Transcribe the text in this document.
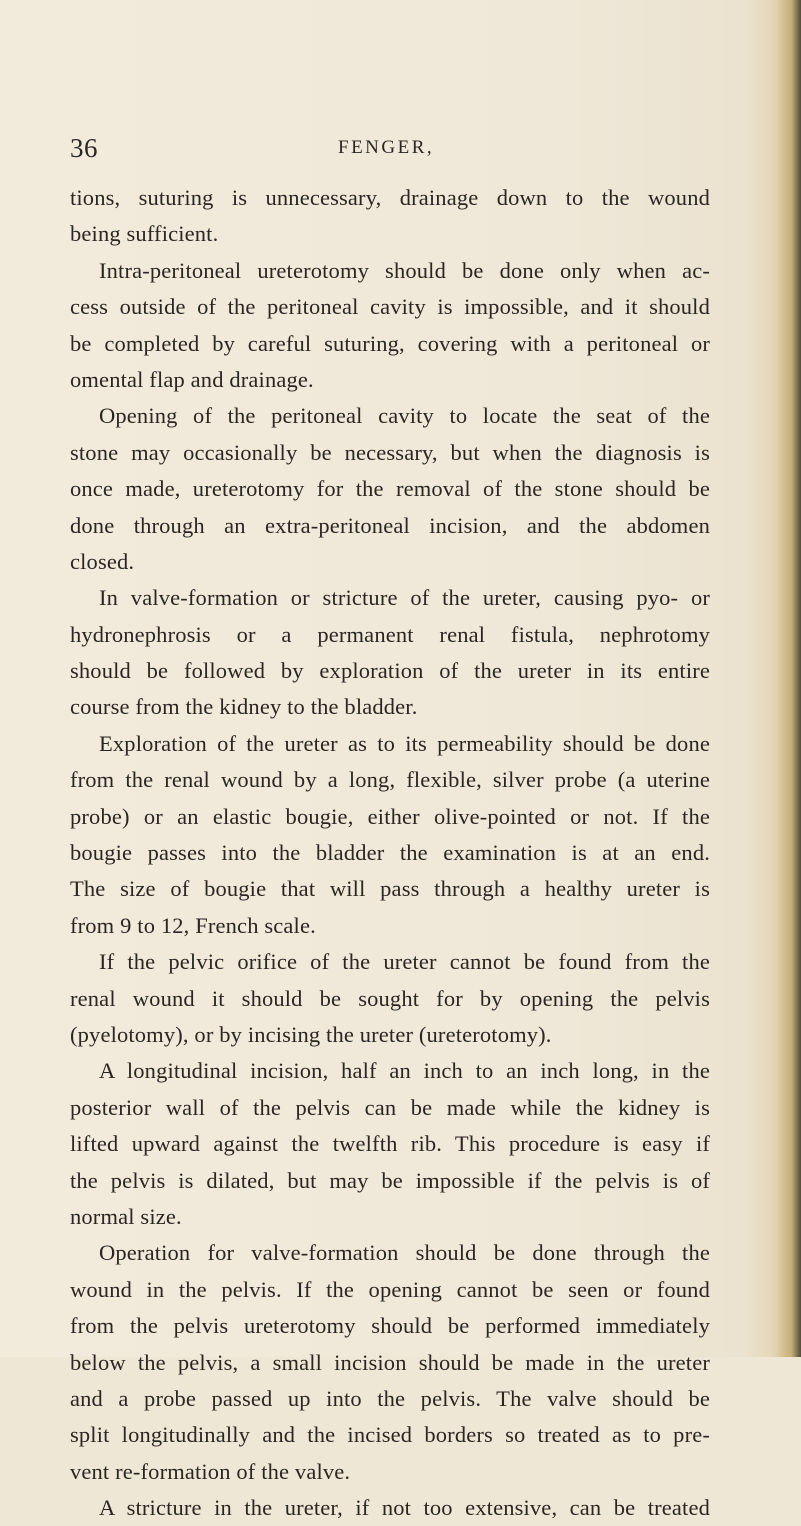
36	FENGER,
tions, suturing is unnecessary, drainage down to the wound
being sufficient.
Intra-peritoneal ureterotomy should be done only when ac-
cess outside of the peritoneal cavity is impossible, and it should
be completed by careful suturing, covering with a peritoneal or
omental flap and drainage.
Opening of the peritoneal cavity to locate the seat of the
stone may occasionally be necessary, but when the diagnosis is
once made, ureterotomy for the removal of the stone should be
done through an extra-peritoneal incision, and the abdomen
closed.
In valve-formation or stricture of the ureter, causing pyo- or
hydronephrosis or a permanent renal fistula, nephrotomy
should be followed by exploration of the ureter in its entire
course from the kidney to the bladder.
Exploration of the ureter as to its permeability should be done
from the renal wound by a long, flexible, silver probe (a uterine
probe) or an elastic bougie, either olive-pointed or not. If the
bougie passes into the bladder the examination is at an end.
The size of bougie that will pass through a healthy ureter is
from 9 to 12, French scale.
If the pelvic orifice of the ureter cannot be found from the
renal wound it should be sought for by opening the pelvis
(pyelotomy), or by incising the ureter (ureterotomy).
A longitudinal incision, half an inch to an inch long, in the
posterior wall of the pelvis can be made while the kidney is
lifted upward against the twelfth rib. This procedure is easy if
the pelvis is dilated, but may be impossible if the pelvis is of
normal size.
Operation for valve-formation should be done through the
wound in the pelvis. If the opening cannot be seen or found
from the pelvis ureterotomy should be performed immediately
below the pelvis, a small incision should be made in the ureter
and a probe passed up into the pelvis. The valve should be
split longitudinally and the incised borders so treated as to pre-
vent re-formation of the valve.
A stricture in the ureter, if not too extensive, can be treated
